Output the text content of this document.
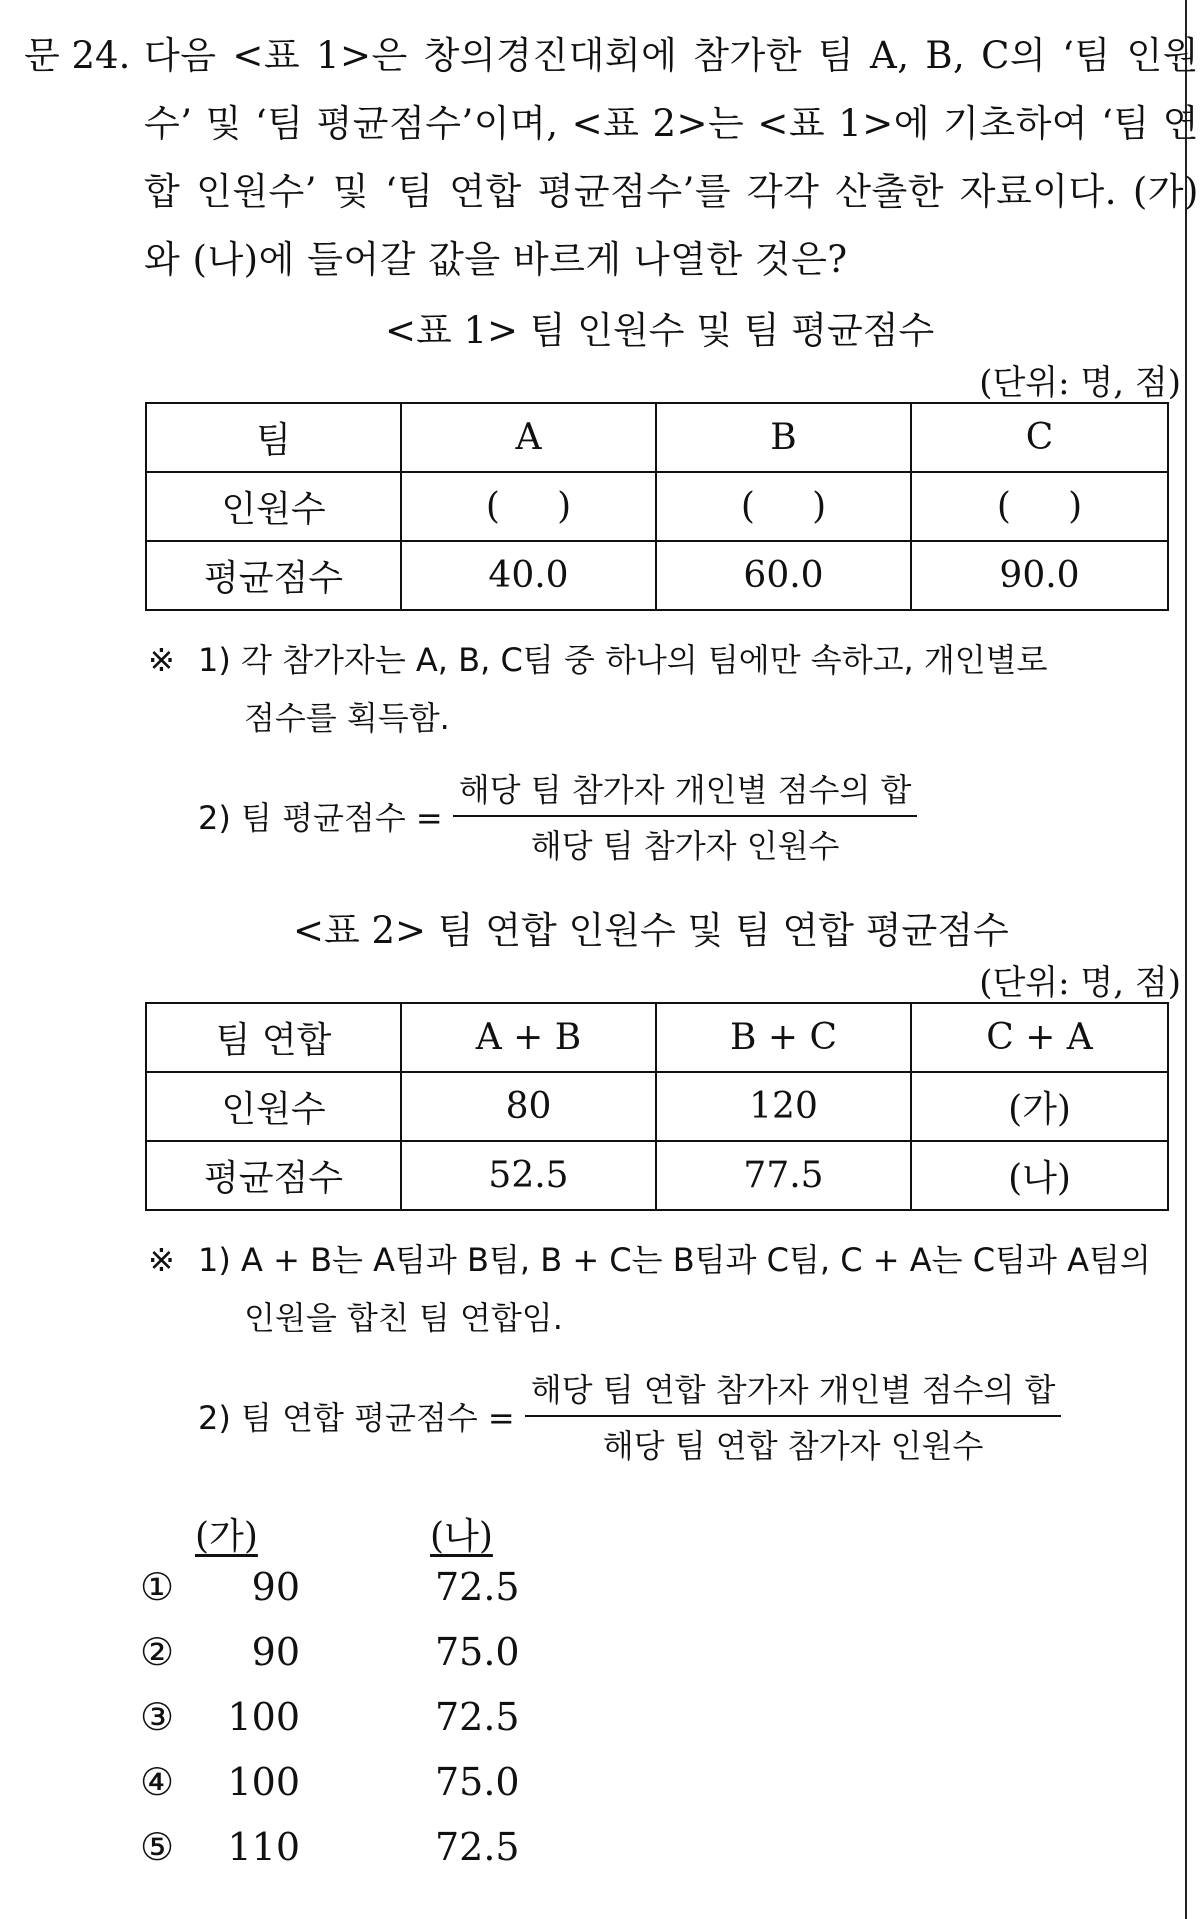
문 24. 다음 <표 1>은 창의경진대회에 참가한 팀 A, B, C의 ‘팀 인원수’ 및 ‘팀 평균점수’이며, <표 2>는 <표 1>에 기초하여 ‘팀 연합 인원수’ 및 ‘팀 연합 평균점수’를 각각 산출한 자료이다. (가)와 (나)에 들어갈 값을 바르게 나열한 것은?
<표 1> 팀 인원수 및 팀 평균점수
(단위: 명, 점)
팀	A	B	C
인원수	(     )	(     )	(     )
평균점수	40.0	60.0	90.0
※ 1) 각 참가자는 A, B, C팀 중 하나의 팀에만 속하고, 개인별로
점수를 획득함.
2) 팀 평균점수 = $\frac{\text{해당 팀 참가자 개인별 점수의 합}}{\text{해당 팀 참가자 인원수}}$
<표 2> 팀 연합 인원수 및 팀 연합 평균점수
(단위: 명, 점)
팀 연합	A + B	B + C	C + A
인원수	80	120	(가)
평균점수	52.5	77.5	(나)
※ 1) A + B는 A팀과 B팀, B + C는 B팀과 C팀, C + A는 C팀과 A팀의
인원을 합친 팀 연합임.
2) 팀 연합 평균점수 = $\frac{\text{해당 팀 연합 참가자 개인별 점수의 합}}{\text{해당 팀 연합 참가자 인원수}}$
(가)	(나)
①	90	72.5
②	90	75.0
③	100	72.5
④	100	75.0
⑤	110	72.5
